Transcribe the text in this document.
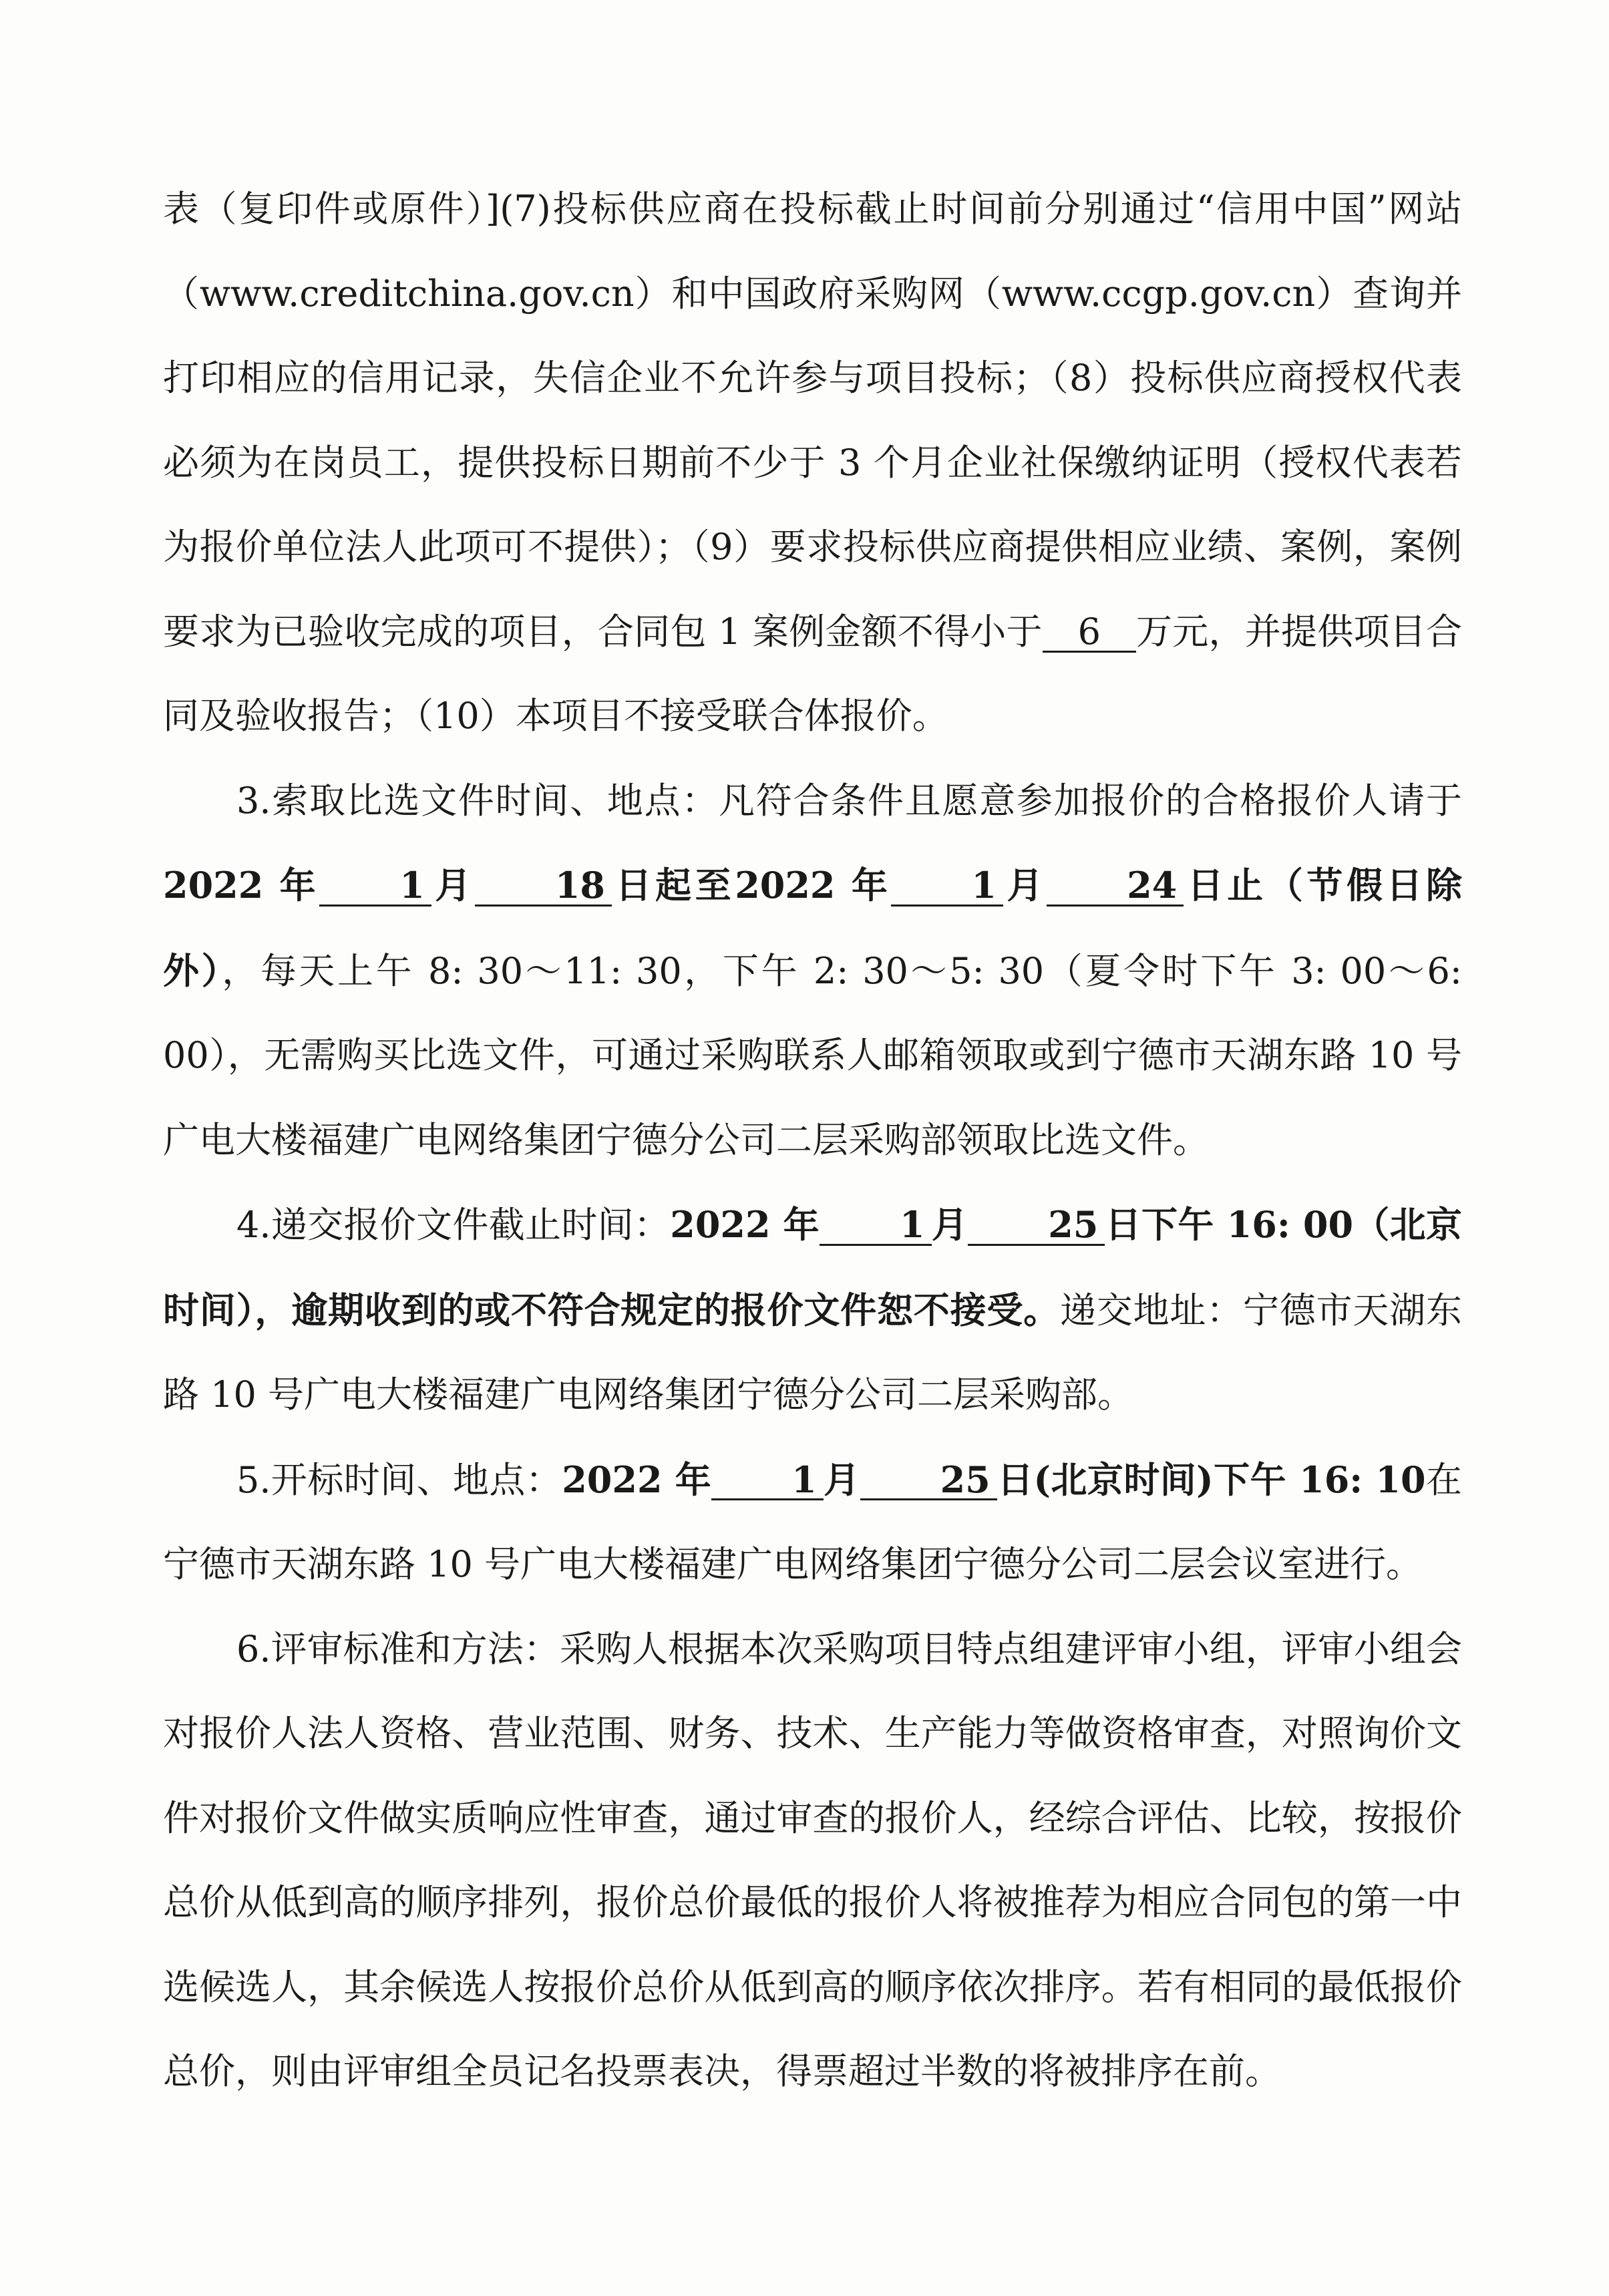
表（复印件或原件）](7)投标供应商在投标截止时间前分别通过“信用中国”网站（www.creditchina.gov.cn）和中国政府采购网（www.ccgp.gov.cn）查询并打印相应的信用记录，失信企业不允许参与项目投标；（8）投标供应商授权代表必须为在岗员工，提供投标日期前不少于 3 个月企业社保缴纳证明（授权代表若为报价单位法人此项可不提供）；（9）要求投标供应商提供相应业绩、案例，案例要求为已验收完成的项目，合同包 1 案例金额不得小于 6 万元，并提供项目合同及验收报告；（10）本项目不接受联合体报价。

3.索取比选文件时间、地点：凡符合条件且愿意参加报价的合格报价人请于2022 年 1 月 18 日起至2022 年 1 月 24 日止（节假日除外），每天上午 8: 30～11: 30，下午 2: 30～5: 30（夏令时下午 3: 00～6: 00），无需购买比选文件，可通过采购联系人邮箱领取或到宁德市天湖东路 10 号广电大楼福建广电网络集团宁德分公司二层采购部领取比选文件。

4.递交报价文件截止时间：2022 年 1 月 25 日下午 16: 00（北京时间），逾期收到的或不符合规定的报价文件恕不接受。递交地址：宁德市天湖东路 10 号广电大楼福建广电网络集团宁德分公司二层采购部。

5.开标时间、地点：2022 年 1 月 25 日(北京时间)下午 16: 10在宁德市天湖东路 10 号广电大楼福建广电网络集团宁德分公司二层会议室进行。

6.评审标准和方法：采购人根据本次采购项目特点组建评审小组，评审小组会对报价人法人资格、营业范围、财务、技术、生产能力等做资格审查，对照询价文件对报价文件做实质响应性审查，通过审查的报价人，经综合评估、比较，按报价总价从低到高的顺序排列，报价总价最低的报价人将被推荐为相应合同包的第一中选候选人，其余候选人按报价总价从低到高的顺序依次排序。若有相同的最低报价总价，则由评审组全员记名投票表决，得票超过半数的将被排序在前。
